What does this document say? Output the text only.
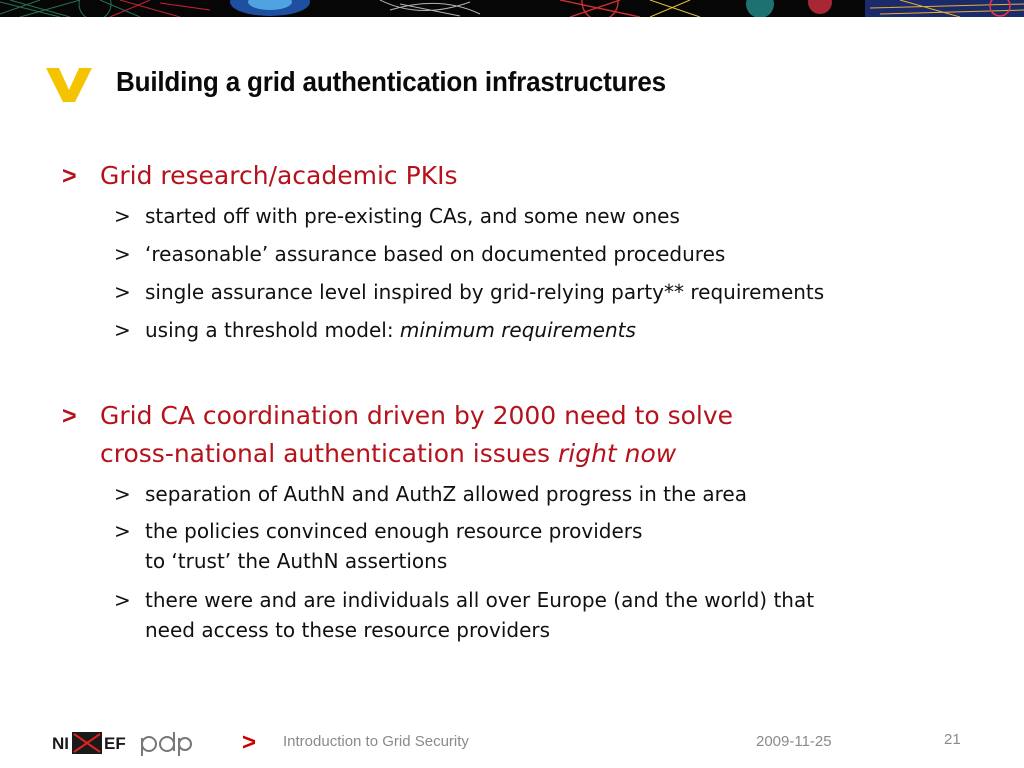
Building a grid authentication infrastructures
> Grid research/academic PKIs
> started off with pre-existing CAs, and some new ones
> ‘reasonable’ assurance based on documented procedures
> single assurance level inspired by grid-relying party** requirements
> using a threshold model: minimum requirements
> Grid CA coordination driven by 2000 need to solve
cross-national authentication issues right now
> separation of AuthN and AuthZ allowed progress in the area
> the policies convinced enough resource providers
to ‘trust’ the AuthN assertions
> there were and are individuals all over Europe (and the world) that
need access to these resource providers
NI EF	> Introduction to Grid Security	2009-11-25	21
